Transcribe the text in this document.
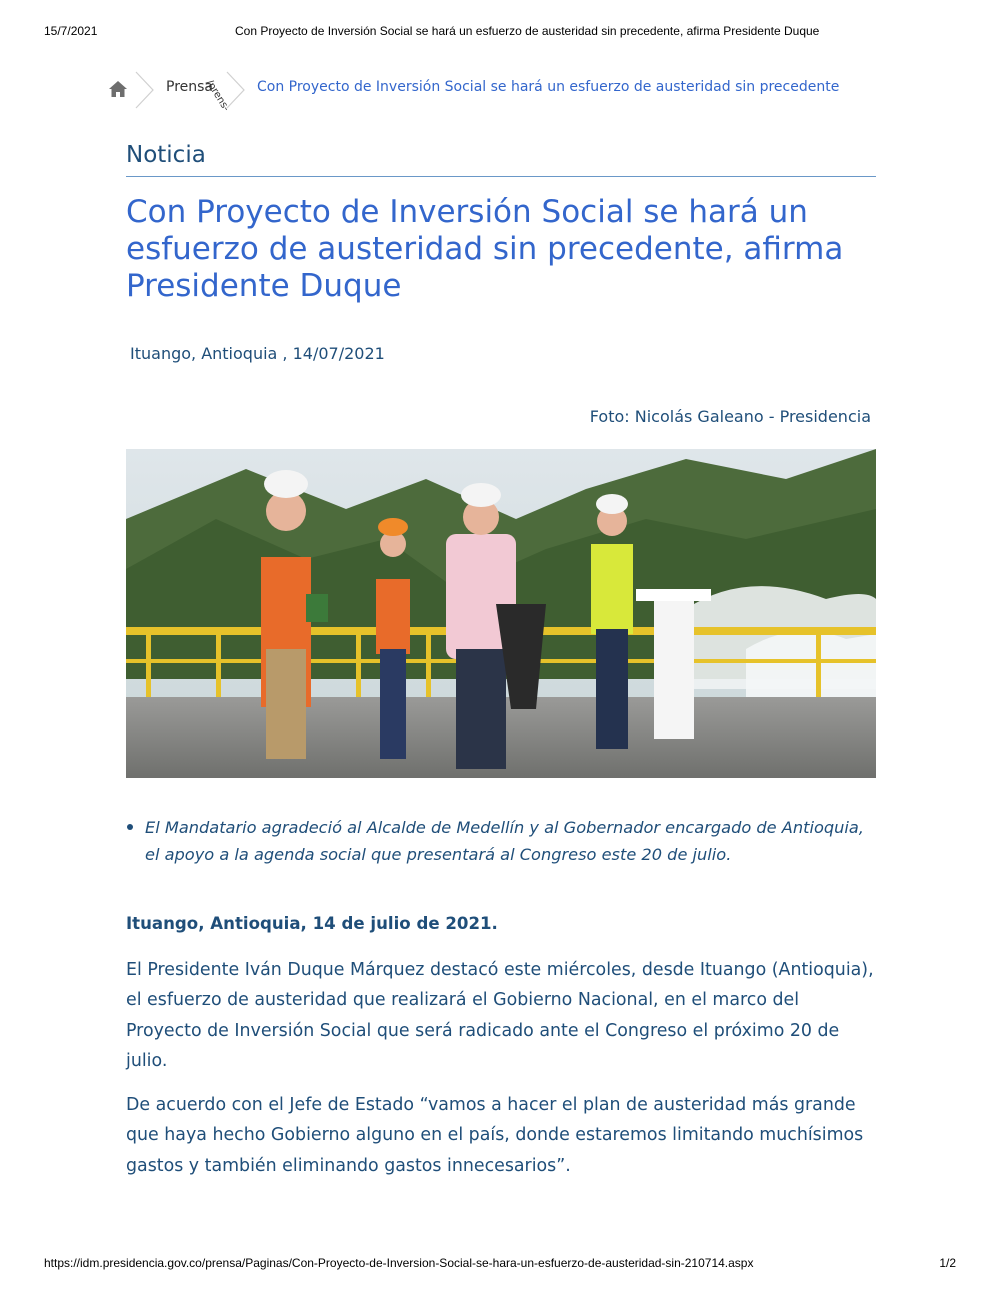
15/7/2021	Con Proyecto de Inversión Social se hará un esfuerzo de austeridad sin precedente, afirma Presidente Duque
Prensa
/prens- Con Proyecto de Inversión Social se hará un esfuerzo de austeridad sin precedente
Noticia
Con Proyecto de Inversión Social se hará un esfuerzo de austeridad sin precedente, afirma Presidente Duque
Ituango, Antioquia , 14/07/2021
Foto: Nicolás Galeano - Presidencia
El Mandatario agradeció al Alcalde de Medellín y al Gobernador encargado de Antioquia, el apoyo a la agenda social que presentará al Congreso este 20 de julio.
Ituango, Antioquia, 14 de julio de 2021.

El Presidente Iván Duque Márquez destacó este miércoles, desde Ituango (Antioquia), el esfuerzo de austeridad que realizará el Gobierno Nacional, en el marco del Proyecto de Inversión Social que será radicado ante el Congreso el próximo 20 de julio.

De acuerdo con el Jefe de Estado “vamos a hacer el plan de austeridad más grande que haya hecho Gobierno alguno en el país, donde estaremos limitando muchísimos gastos y también eliminando gastos innecesarios”.

https://idm.presidencia.gov.co/prensa/Paginas/Con-Proyecto-de-Inversion-Social-se-hara-un-esfuerzo-de-austeridad-sin-210714.aspx	1/2
